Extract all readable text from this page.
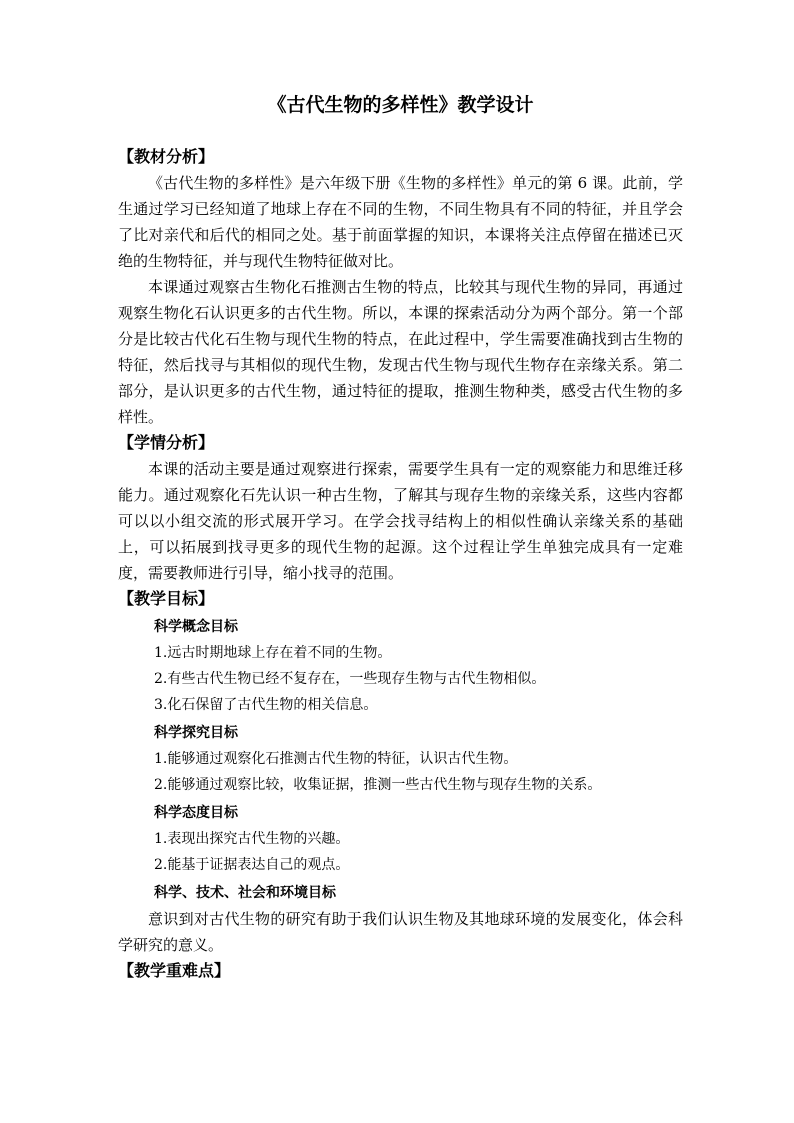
《古代生物的多样性》教学设计

【教材分析】

《古代生物的多样性》是六年级下册《生物的多样性》单元的第 6 课。此前，学生通过学习已经知道了地球上存在不同的生物，不同生物具有不同的特征，并且学会了比对亲代和后代的相同之处。基于前面掌握的知识，本课将关注点停留在描述已灭绝的生物特征，并与现代生物特征做对比。

本课通过观察古生物化石推测古生物的特点，比较其与现代生物的异同，再通过观察生物化石认识更多的古代生物。所以，本课的探索活动分为两个部分。第一个部分是比较古代化石生物与现代生物的特点，在此过程中，学生需要准确找到古生物的特征，然后找寻与其相似的现代生物，发现古代生物与现代生物存在亲缘关系。第二部分，是认识更多的古代生物，通过特征的提取，推测生物种类，感受古代生物的多样性。

【学情分析】

本课的活动主要是通过观察进行探索，需要学生具有一定的观察能力和思维迁移能力。通过观察化石先认识一种古生物，了解其与现存生物的亲缘关系，这些内容都可以以小组交流的形式展开学习。在学会找寻结构上的相似性确认亲缘关系的基础上，可以拓展到找寻更多的现代生物的起源。这个过程让学生单独完成具有一定难度，需要教师进行引导，缩小找寻的范围。

【教学目标】

科学概念目标

1.远古时期地球上存在着不同的生物。

2.有些古代生物已经不复存在，一些现存生物与古代生物相似。

3.化石保留了古代生物的相关信息。

科学探究目标

1.能够通过观察化石推测古代生物的特征，认识古代生物。

2.能够通过观察比较，收集证据，推测一些古代生物与现存生物的关系。

科学态度目标

1.表现出探究古代生物的兴趣。

2.能基于证据表达自己的观点。

科学、技术、社会和环境目标

意识到对古代生物的研究有助于我们认识生物及其地球环境的发展变化，体会科学研究的意义。

【教学重难点】
